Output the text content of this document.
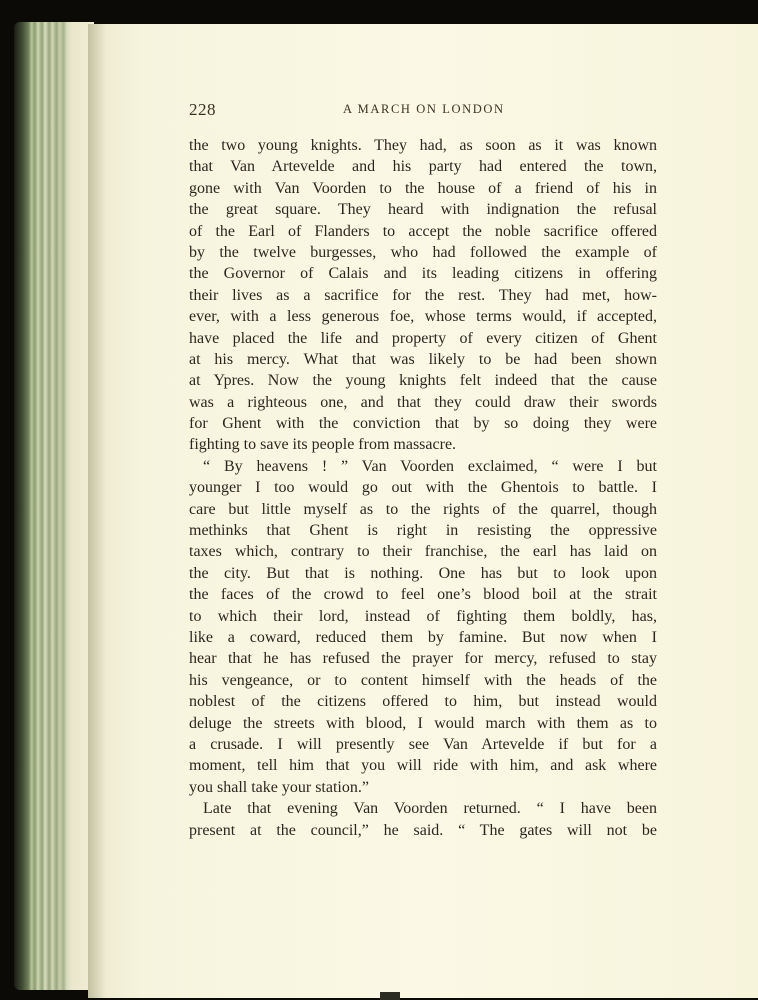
228	A MARCH ON LONDON
the two young knights. They had, as soon as it was known
that Van Artevelde and his party had entered the town,
gone with Van Voorden to the house of a friend of his in
the great square. They heard with indignation the refusal
of the Earl of Flanders to accept the noble sacrifice offered
by the twelve burgesses, who had followed the example of
the Governor of Calais and its leading citizens in offering
their lives as a sacrifice for the rest. They had met, how-
ever, with a less generous foe, whose terms would, if accepted,
have placed the life and property of every citizen of Ghent
at his mercy. What that was likely to be had been shown
at Ypres. Now the young knights felt indeed that the cause
was a righteous one, and that they could draw their swords
for Ghent with the conviction that by so doing they were
fighting to save its people from massacre.
“ By heavens ! ” Van Voorden exclaimed, “ were I but
younger I too would go out with the Ghentois to battle. I
care but little myself as to the rights of the quarrel, though
methinks that Ghent is right in resisting the oppressive
taxes which, contrary to their franchise, the earl has laid on
the city. But that is nothing. One has but to look upon
the faces of the crowd to feel one’s blood boil at the strait
to which their lord, instead of fighting them boldly, has,
like a coward, reduced them by famine. But now when I
hear that he has refused the prayer for mercy, refused to stay
his vengeance, or to content himself with the heads of the
noblest of the citizens offered to him, but instead would
deluge the streets with blood, I would march with them as to
a crusade. I will presently see Van Artevelde if but for a
moment, tell him that you will ride with him, and ask where
you shall take your station.”
Late that evening Van Voorden returned. “ I have been
present at the council,” he said. “ The gates will not be
